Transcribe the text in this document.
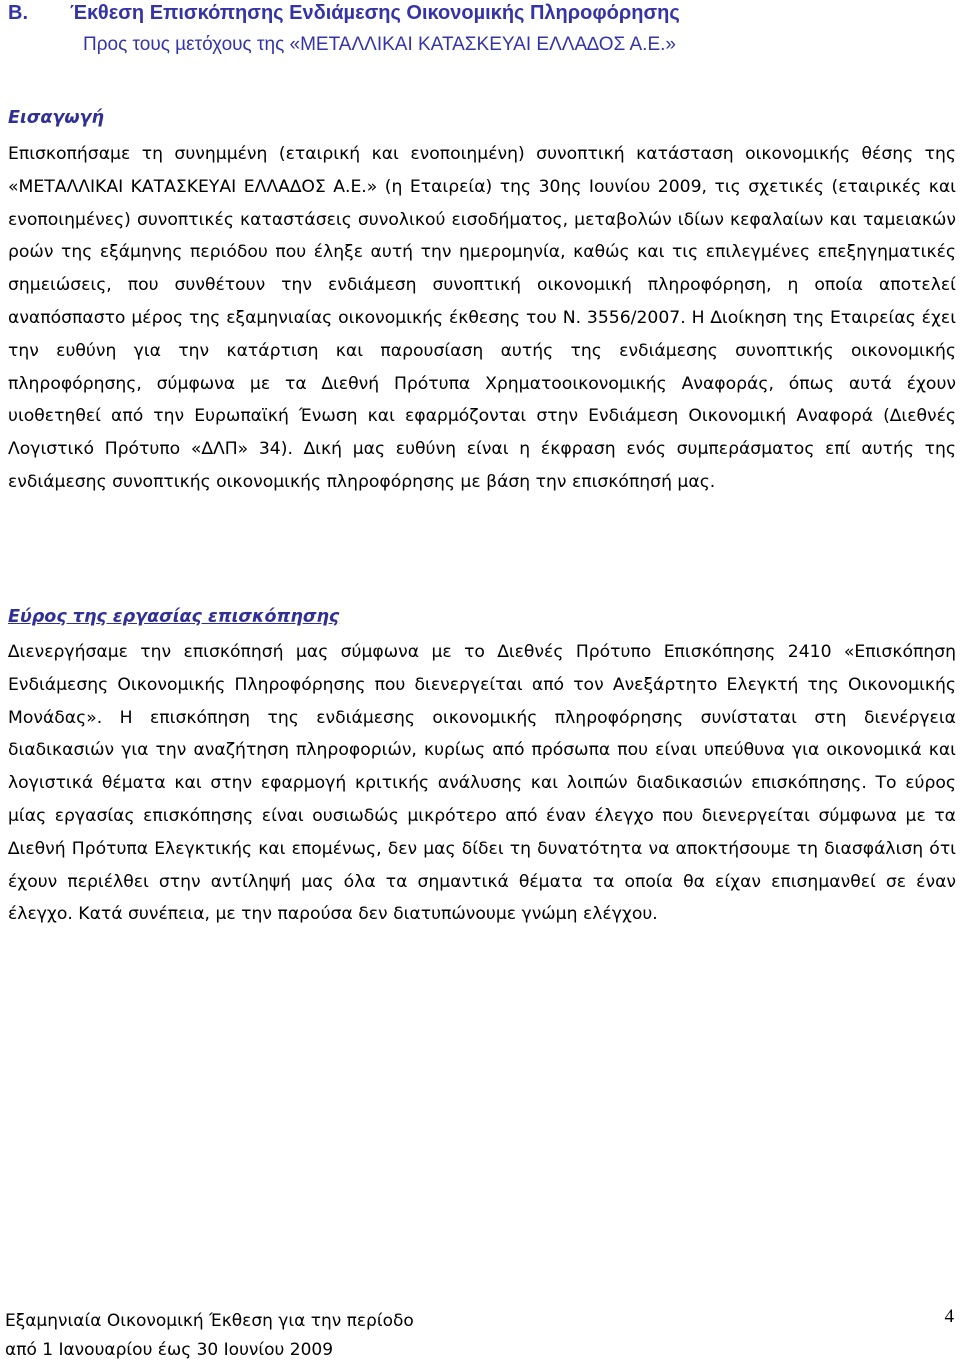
Β. Έκθεση Επισκόπησης Ενδιάµεσης Οικονοµικής Πληροφόρησης
Προς τους µετόχους της «ΜΕΤΑΛΛΙΚΑΙ ΚΑΤΑΣΚΕΥΑΙ ΕΛΛΑ∆ΟΣ Α.Ε.»
Εισαγωγή

Επισκοπήσαµε τη συνηµµένη (εταιρική και ενοποιηµένη) συνοπτική κατάσταση οικονοµικής θέσης της «ΜΕΤΑΛΛΙΚΑΙ ΚΑΤΑΣΚΕΥΑΙ ΕΛΛΑ∆ΟΣ Α.Ε.» (η Εταιρεία) της 30ης Ιουνίου 2009, τις σχετικές (εταιρικές και ενοποιηµένες) συνοπτικές καταστάσεις συνολικού εισοδήµατος, µεταβολών ιδίων κεφαλαίων και ταµειακών ροών της εξάµηνης περιόδου που έληξε αυτή την ηµεροµηνία, καθώς και τις επιλεγµένες επεξηγηµατικές σηµειώσεις, που συνθέτουν την ενδιάµεση συνοπτική οικονοµική πληροφόρηση, η οποία αποτελεί αναπόσπαστο µέρος της εξαµηνιαίας οικονοµικής έκθεσης του Ν. 3556/2007. Η ∆ιοίκηση της Εταιρείας έχει την ευθύνη για την κατάρτιση και παρουσίαση αυτής της ενδιάµεσης συνοπτικής οικονοµικής πληροφόρησης, σύµφωνα µε τα ∆ιεθνή Πρότυπα Χρηµατοοικονοµικής Αναφοράς, όπως αυτά έχουν υιοθετηθεί από την Ευρωπαϊκή Ένωση και εφαρµόζονται στην Ενδιάµεση Οικονοµική Αναφορά (∆ιεθνές Λογιστικό Πρότυπο «∆ΛΠ» 34). ∆ική µας ευθύνη είναι η έκφραση ενός συµπεράσµατος επί αυτής της ενδιάµεσης συνοπτικής οικονοµικής πληροφόρησης µε βάση την επισκόπησή µας.

Εύρος της εργασίας επισκόπησης

∆ιενεργήσαµε την επισκόπησή µας σύµφωνα µε το ∆ιεθνές Πρότυπο Επισκόπησης 2410 «Επισκόπηση Ενδιάµεσης Οικονοµικής Πληροφόρησης που διενεργείται από τον Ανεξάρτητο Ελεγκτή της Οικονοµικής Μονάδας». Η επισκόπηση της ενδιάµεσης οικονοµικής πληροφόρησης συνίσταται στη διενέργεια διαδικασιών για την αναζήτηση πληροφοριών, κυρίως από πρόσωπα που είναι υπεύθυνα για οικονοµικά και λογιστικά θέµατα και στην εφαρµογή κριτικής ανάλυσης και λοιπών διαδικασιών επισκόπησης. Το εύρος µίας εργασίας επισκόπησης είναι ουσιωδώς µικρότερο από έναν έλεγχο που διενεργείται σύµφωνα µε τα ∆ιεθνή Πρότυπα Ελεγκτικής και εποµένως, δεν µας δίδει τη δυνατότητα να αποκτήσουµε τη διασφάλιση ότι έχουν περιέλθει στην αντίληψή µας όλα τα σηµαντικά θέµατα τα οποία θα είχαν επισηµανθεί σε έναν έλεγχο. Κατά συνέπεια, µε την παρούσα δεν διατυπώνουµε γνώµη ελέγχου.

Εξαµηνιαία Οικονοµική Έκθεση για την περίοδο
από 1 Ιανουαρίου έως 30 Ιουνίου 2009
4
